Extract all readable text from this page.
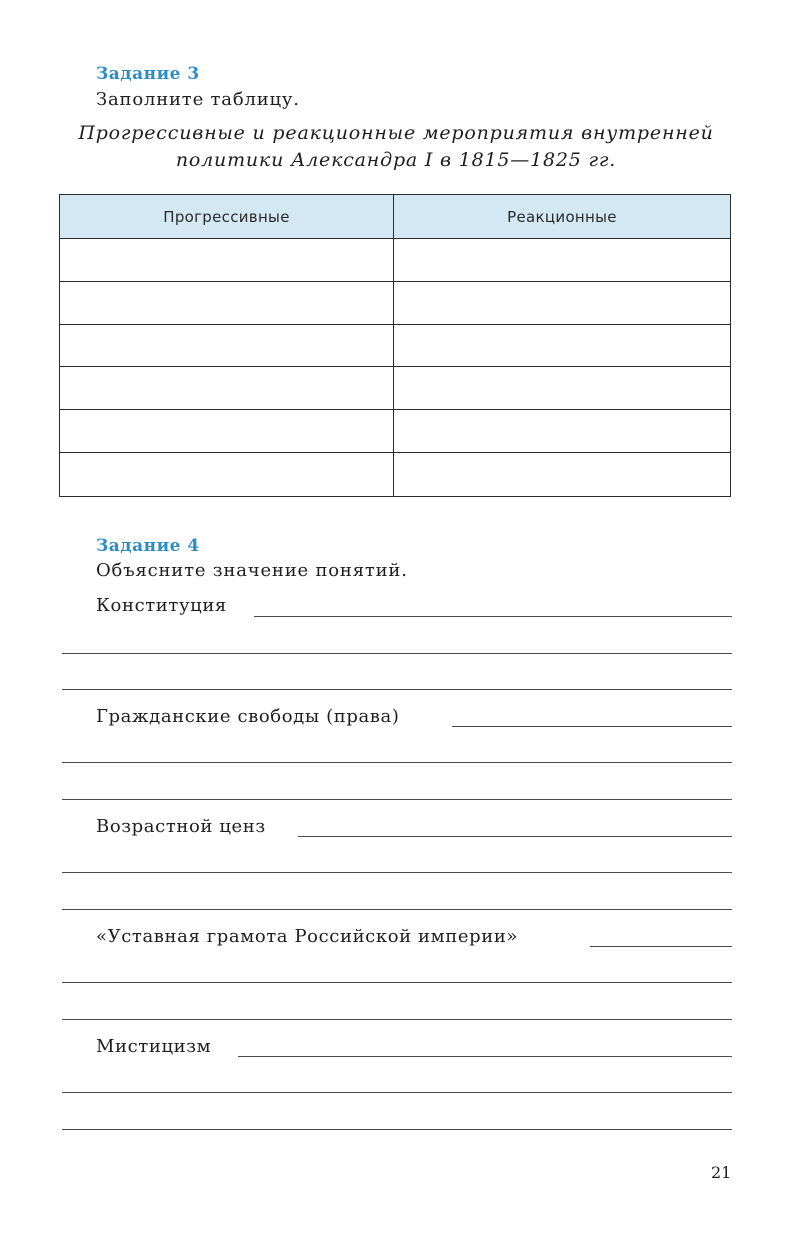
Задание 3
Заполните таблицу.
Прогрессивные и реакционные мероприятия внутренней
политики Александра I в 1815—1825 гг.
Прогрессивные	Реакционные
Задание 4
Объясните значение понятий.
Конституция
Гражданские свободы (права)
Возрастной ценз
«Уставная грамота Российской империи»
Мистицизм
21
